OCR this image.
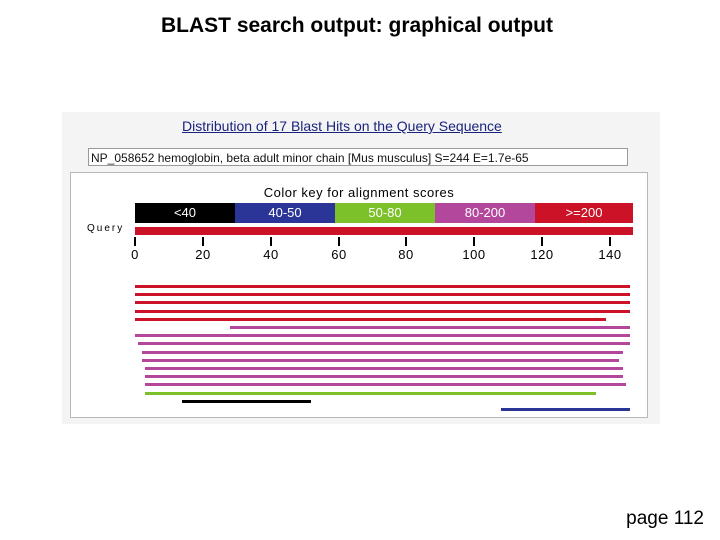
BLAST search output: graphical output
Distribution of 17 Blast Hits on the Query Sequence
NP_058652 hemoglobin, beta adult minor chain [Mus musculus] S=244 E=1.7e-65
Color key for alignment scores
<40	40-50	50-80	80-200	>=200
Query
0	20	40	60	80	100	120	140
page 112
